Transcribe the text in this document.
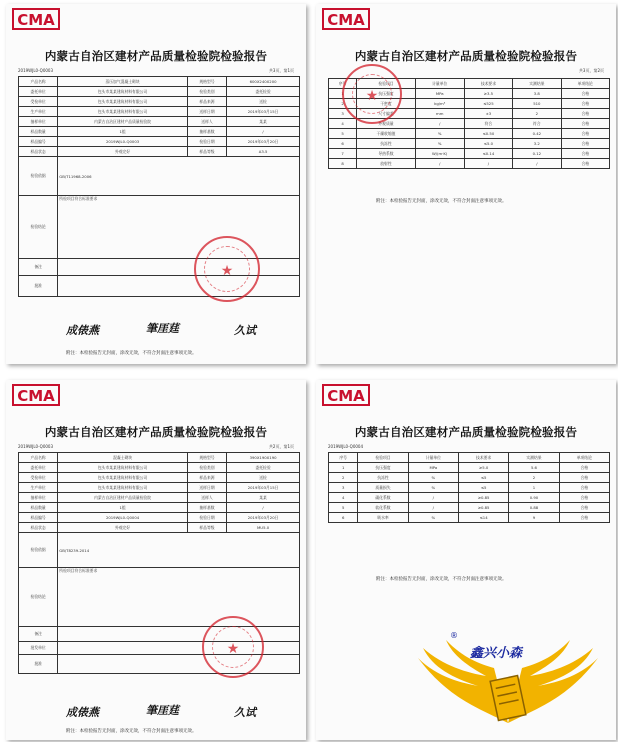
CMA
内蒙古自治区建材产品质量检验院检验报告
2019WJL0-Q0003	共3页，第1页
产品名称	蒸压加气混凝土砌块	规格型号	600X240X200
委托单位	包头市某某建筑材料有限公司	检验类别	委托检验
受检单位	包头市某某建筑材料有限公司	样品来源	送检
生产单位	包头市某某建筑材料有限公司	送样日期	2019年03月15日
抽样单位	内蒙古自治区建材产品质量检验院	送样人	某某
样品数量	1组	抽样基数	/
样品编号	2019WJL0-Q0003	检验日期	2019年03月20日
样品状态	外观完好	样品等级	A3.5
检验依据	GB/T11968-2006		
检验结论	所检项目符合标准要求		
备注			
批准			
成俵燕	筆厓莛	久试
★
附注：本检验报告无封面，涂改无效，不符合封面注意事项无效。
CMA
内蒙古自治区建材产品质量检验院检验报告
共3页，第2页
序号	检验项目	计量单位	技术要求	实测结果	单项结论
1	抗压强度	MPa	≥3.5	3.8	合格
2	干密度	kg/m³	≤525	510	合格
3	尺寸偏差	mm	±3	2	合格
4	外观质量	/	符合	符合	合格
5	干燥收缩值	%	≤0.50	0.42	合格
6	抗冻性	%	≤5.0	3.2	合格
7	导热系数	W/(m·K)	≤0.14	0.12	合格
8	放射性	/	/	/	合格
★
附注：本检验报告无封面，涂改无效，不符合封面注意事项无效。
CMA
内蒙古自治区建材产品质量检验院检验报告
2019WJL0-Q0003	共2页，第1页
产品名称	混凝土砌块	规格型号	390X190X190
委托单位	包头市某某建筑材料有限公司	检验类别	委托检验
受检单位	包头市某某建筑材料有限公司	样品来源	送检
生产单位	包头市某某建筑材料有限公司	送样日期	2019年03月15日
抽样单位	内蒙古自治区建材产品质量检验院	送样人	某某
样品数量	1组	抽样基数	/
样品编号	2019WJL0-Q0004	检验日期	2019年03月20日
样品状态	外观完好	样品等级	MU5.0
检验依据	GB/T8239-2014		
检验结论	所检项目符合标准要求		
备注			
批发单位			
批准			
成俵燕	筆厓莛	久试
★
附注：本检验报告无封面，涂改无效，不符合封面注意事项无效。
CMA
内蒙古自治区建材产品质量检验院检验报告
2019WJL0-Q0004
序号	检验项目	计量单位	技术要求	实测结果	单项结论
1	抗压强度	MPa	≥5.0	5.6	合格
2	抗冻性	%	≤5	2	合格
3	质量损失	%	≤5	1	合格
4	碳化系数	/	≥0.85	0.90	合格
5	软化系数	/	≥0.85	0.88	合格
6	吸水率	%	≤14	9	合格
附注：本检验报告无封面，涂改无效，不符合封面注意事项无效。
®
鑫兴小森
